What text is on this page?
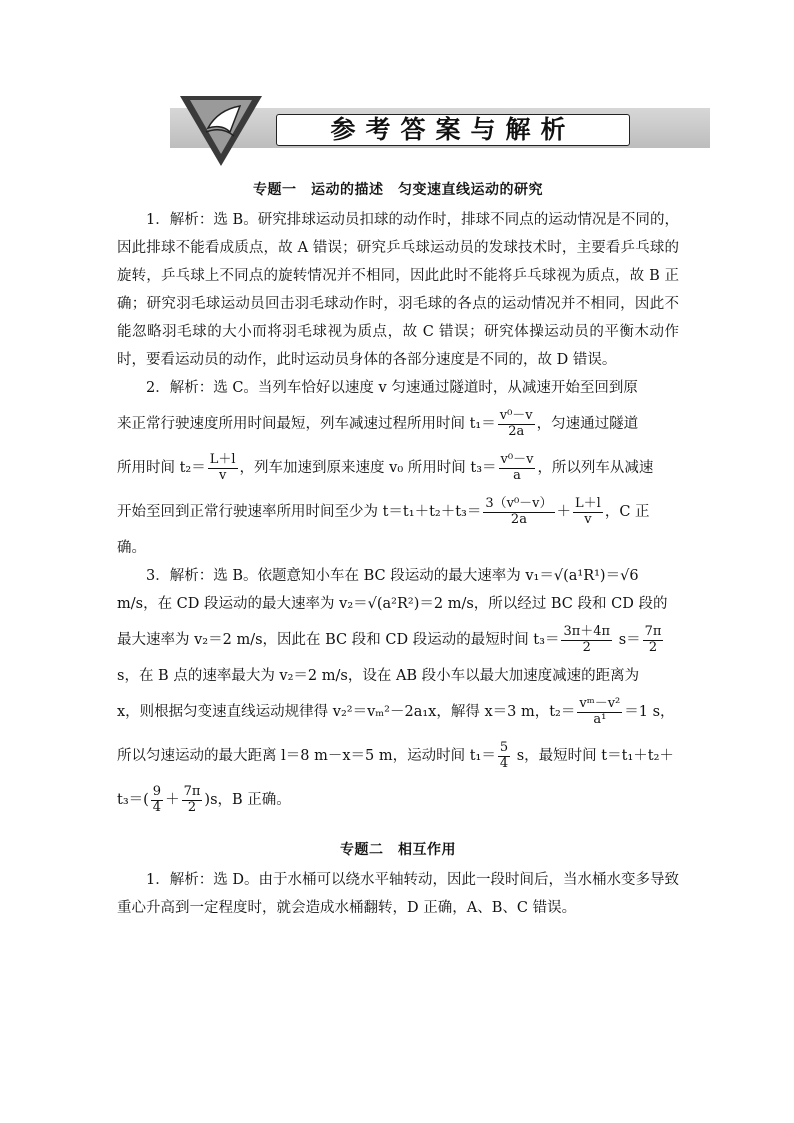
参考答案与解析

专题一　运动的描述　匀变速直线运动的研究

1．解析：选 B。研究排球运动员扣球的动作时，排球不同点的运动情况是不同的，因此排球不能看成质点，故 A 错误；研究乒乓球运动员的发球技术时，主要看乒乓球的旋转，乒乓球上不同点的旋转情况并不相同，因此此时不能将乒乓球视为质点，故 B 正确；研究羽毛球运动员回击羽毛球动作时，羽毛球的各点的运动情况并不相同，因此不能忽略羽毛球的大小而将羽毛球视为质点，故 C 错误；研究体操运动员的平衡木动作时，要看运动员的动作，此时运动员身体的各部分速度是不同的，故 D 错误。

2．解析：选 C。当列车恰好以速度 v 匀速通过隧道时，从减速开始至回到原

来正常行驶速度所用时间最短，列车减速过程所用时间 $t_1= \frac{\text{v⁰－v}}{2a}$ ，匀速通过隧道

所用时间 $t_2= \frac{L+l}{v}$ ，列车加速到原来速度 v₀ 所用时间 $t_3= \frac{\text{v⁰－v}}{a}$ ，所以列车从减速

开始至回到正常行驶速率所用时间至少为 $t=t_1+t_2+t_3= \frac{\text{3（v⁰－v）}}{2a} + \frac{L+l}{v}$ ，C 正

确。

3．解析：选 B。依题意知小车在 BC 段运动的最大速率为 v₁＝√(a¹R¹)＝√6

m/s，在 CD 段运动的最大速率为 v₂＝√(a²R²)＝2 m/s，所以经过 BC 段和 CD 段的

最大速率为 v₂＝2 m/s，因此在 BC 段和 CD 段运动的最短时间 $t_3= \frac{3\pi+4\pi}{2} s= \frac{7\pi}{2}$

s，在 B 点的速率最大为 v₂＝2 m/s，设在 AB 段小车以最大加速度减速的距离为

x，则根据匀变速直线运动规律得 v₂²＝vₘ²－2a₁x，解得 x＝3 m，$t_2= \frac{\text{vᵐ－v²}}{\text{a¹}} =1$ s，

所以匀速运动的最大距离 l＝8 m－x＝5 m，运动时间 $t_1= \frac{5}{4}$ s，最短时间 t＝t₁＋t₂＋

$t_3=( \frac{9}{4} + \frac{7\pi}{2} )s$，B 正确。

专题二　相互作用

1．解析：选 D。由于水桶可以绕水平轴转动，因此一段时间后，当水桶水变多导致重心升高到一定程度时，就会造成水桶翻转，D 正确，A、B、C 错误。
